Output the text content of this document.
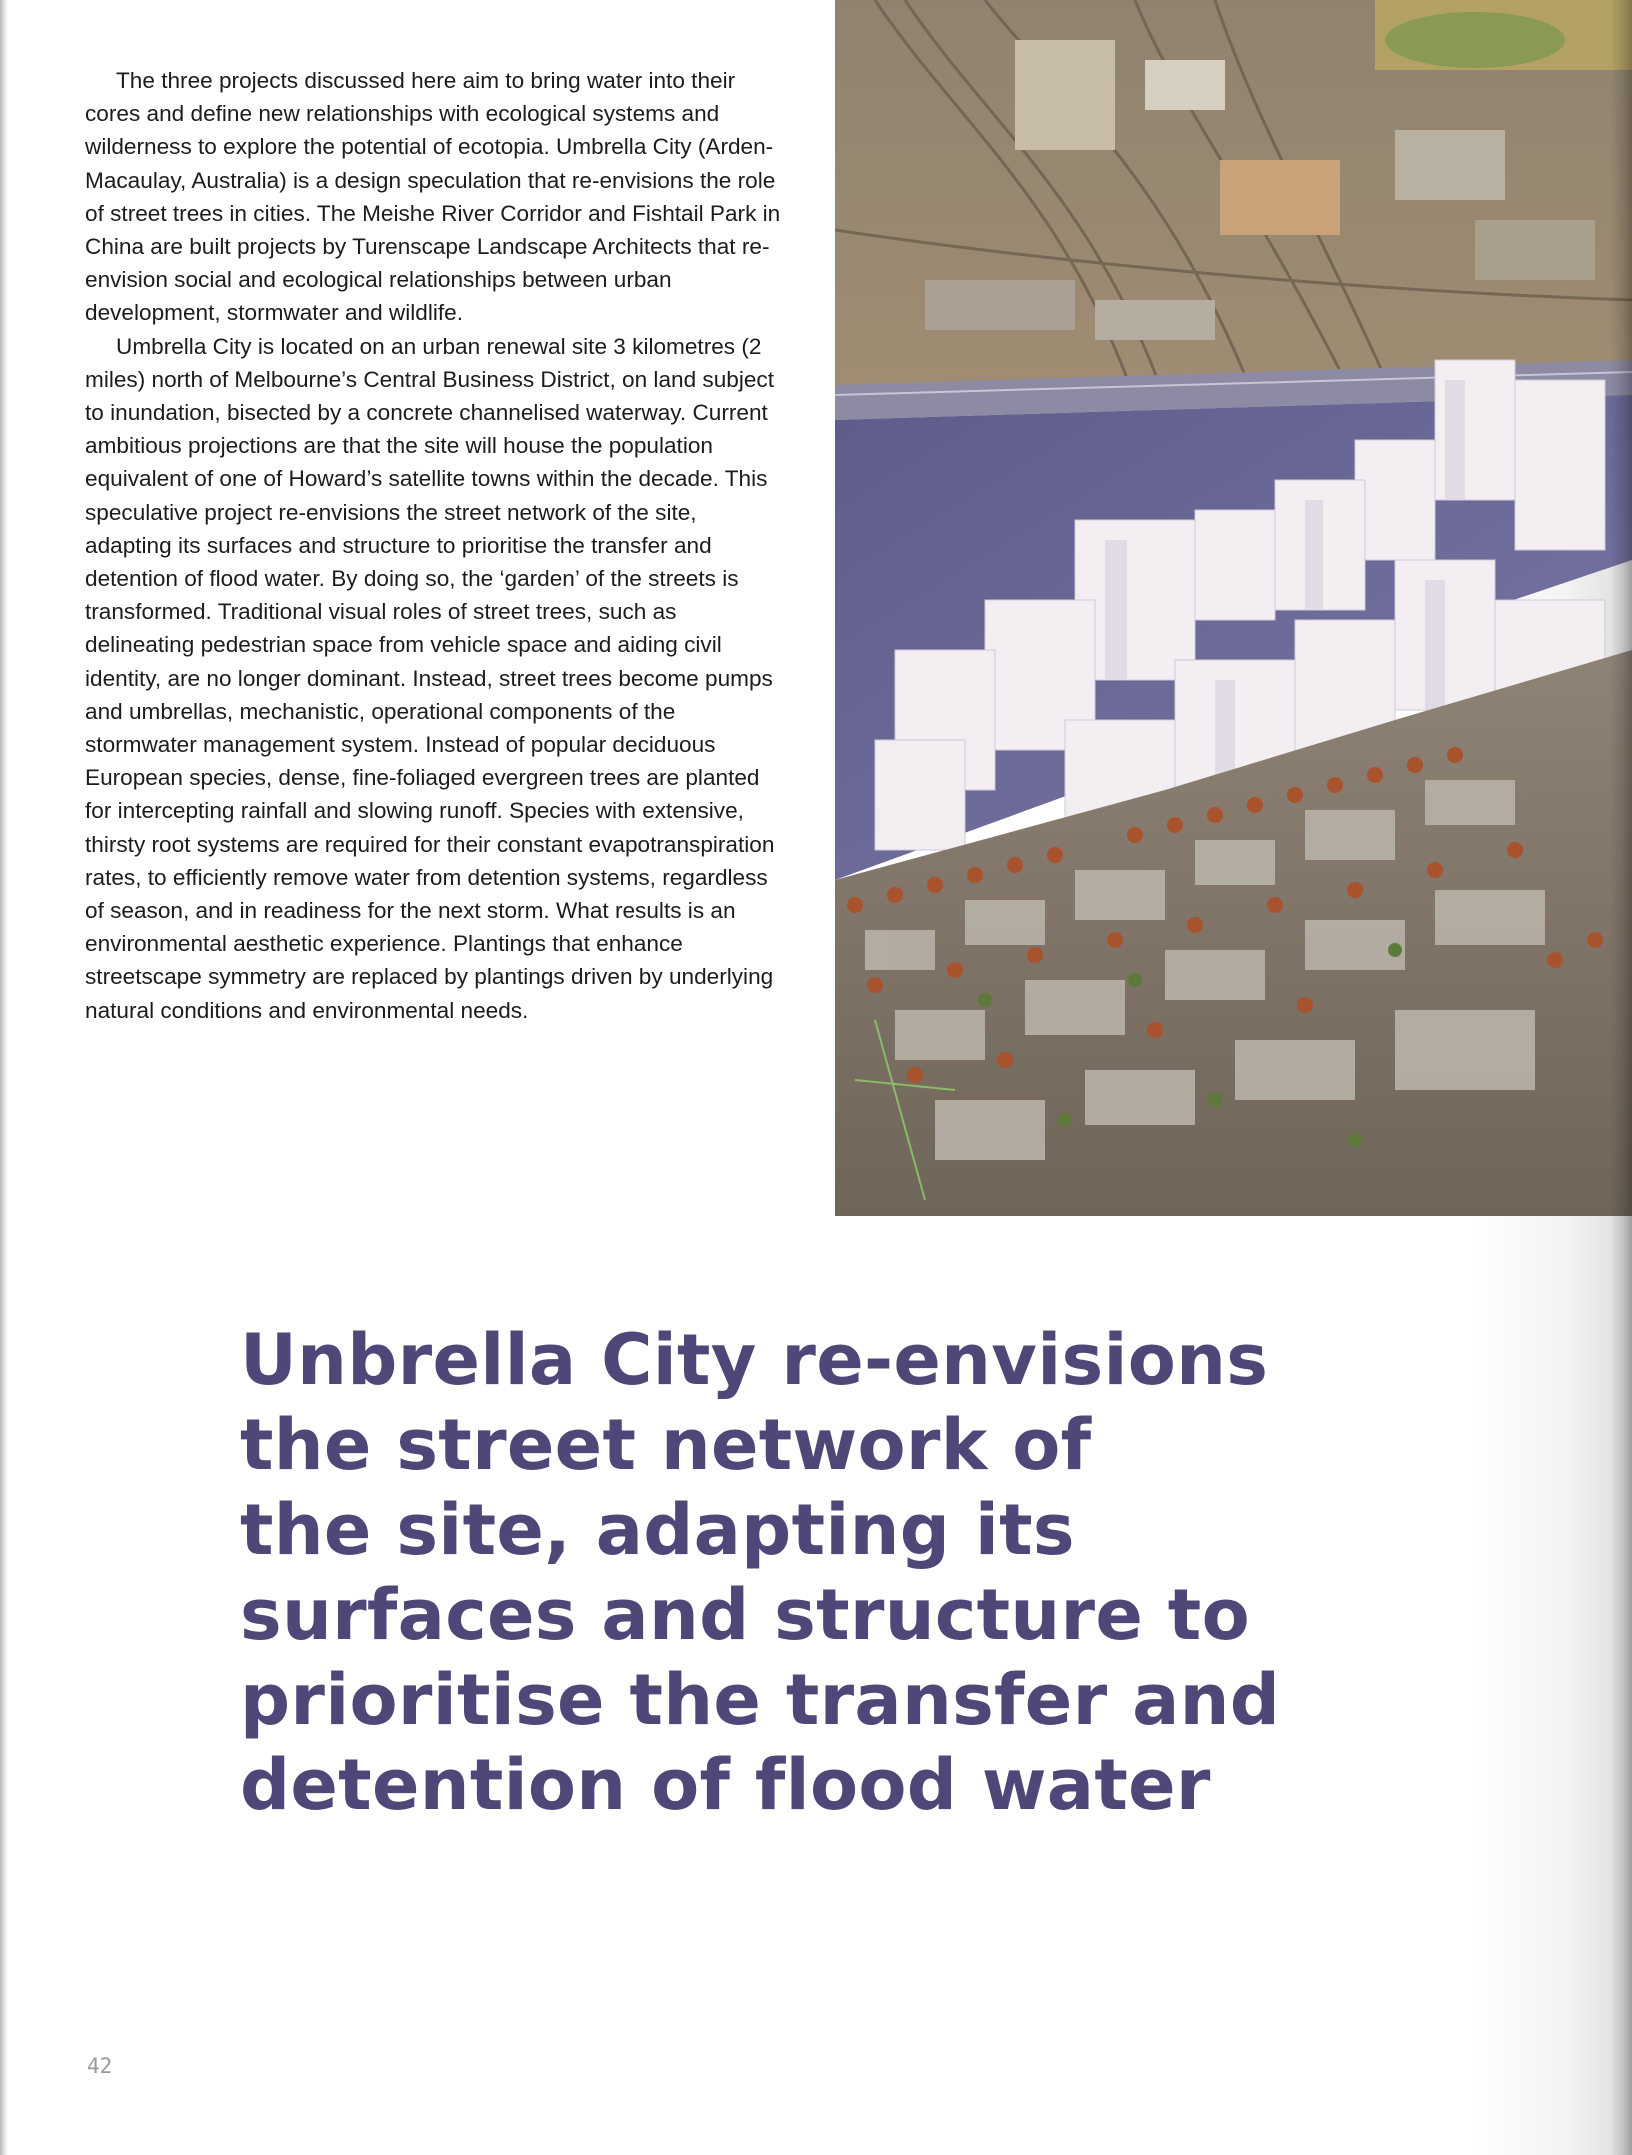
The three projects discussed here aim to bring water into their cores and define new relationships with ecological systems and wilderness to explore the potential of ecotopia. Umbrella City (Arden-Macaulay, Australia) is a design speculation that re-envisions the role of street trees in cities. The Meishe River Corridor and Fishtail Park in China are built projects by Turenscape Landscape Architects that re-envision social and ecological relationships between urban development, stormwater and wildlife.

Umbrella City is located on an urban renewal site 3 kilometres (2 miles) north of Melbourne’s Central Business District, on land subject to inundation, bisected by a concrete channelised waterway. Current ambitious projections are that the site will house the population equivalent of one of Howard’s satellite towns within the decade. This speculative project re-envisions the street network of the site, adapting its surfaces and structure to prioritise the transfer and detention of flood water. By doing so, the ‘garden’ of the streets is transformed. Traditional visual roles of street trees, such as delineating pedestrian space from vehicle space and aiding civil identity, are no longer dominant. Instead, street trees become pumps and umbrellas, mechanistic, operational components of the stormwater management system. Instead of popular deciduous European species, dense, fine-foliaged evergreen trees are planted for intercepting rainfall and slowing runoff. Species with extensive, thirsty root systems are required for their constant evapotranspiration rates, to efficiently remove water from detention systems, regardless of season, and in readiness for the next storm. What results is an environmental aesthetic experience. Plantings that enhance streetscape symmetry are replaced by plantings driven by underlying natural conditions and environmental needs.

Unbrella City re-envisions
the street network of
the site, adapting its
surfaces and structure to
prioritise the transfer and
detention of flood water
42
